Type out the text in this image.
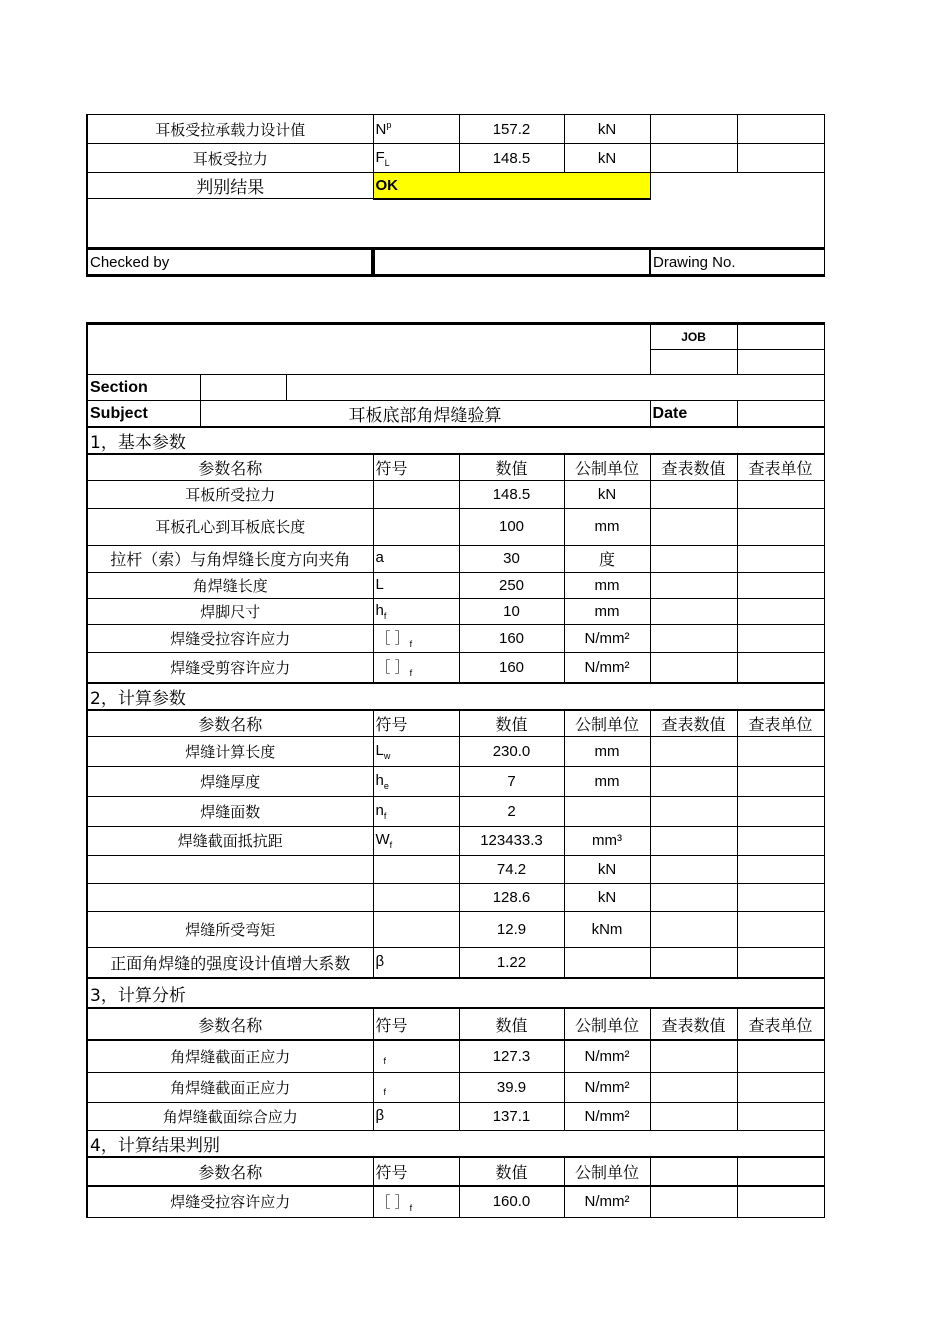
耳板受拉承载力设计值	$N^p$	157.2	kN		
耳板受拉力	$F_L$	148.5	kN		
判别结果	OK				

Checked by				Drawing No.	
			JOB	

Section				
Subject	耳板底部角焊缝验算		Date	
1，基本参数					
参数名称	符号	数值	公制单位	查表数值	查表单位
耳板所受拉力		148.5	kN		
耳板孔心到耳板底长度		100	mm		
拉杆（索）与角焊缝长度方向夹角	a	30	度		
角焊缝长度	L	250	mm		
焊脚尺寸	$h_f$	10	mm		
焊缝受拉容许应力	［ $]_f$	160	N/mm²		
焊缝受剪容许应力	［ $]_f$	160	N/mm²		
2，计算参数					
参数名称	符号	数值	公制单位	查表数值	查表单位
焊缝计算长度	$L_w$	230.0	mm		
焊缝厚度	$h_e$	7	mm		
焊缝面数	$n_f$	2			
焊缝截面抵抗距	$W_f$	123433.3	mm³		
		74.2	kN		
		128.6	kN		
焊缝所受弯矩		12.9	kNm		
正面角焊缝的强度设计值增大系数	β	1.22			
3，计算分析					
参数名称	符号	数值	公制单位	查表数值	查表单位
角焊缝截面正应力	$_f$	127.3	N/mm²		
角焊缝截面正应力	$_f$	39.9	N/mm²		
角焊缝截面综合应力	β	137.1	N/mm²		
4，计算结果判别					
参数名称	符号	数值	公制单位		
焊缝受拉容许应力	［ $]_f$	160.0	N/mm²		
